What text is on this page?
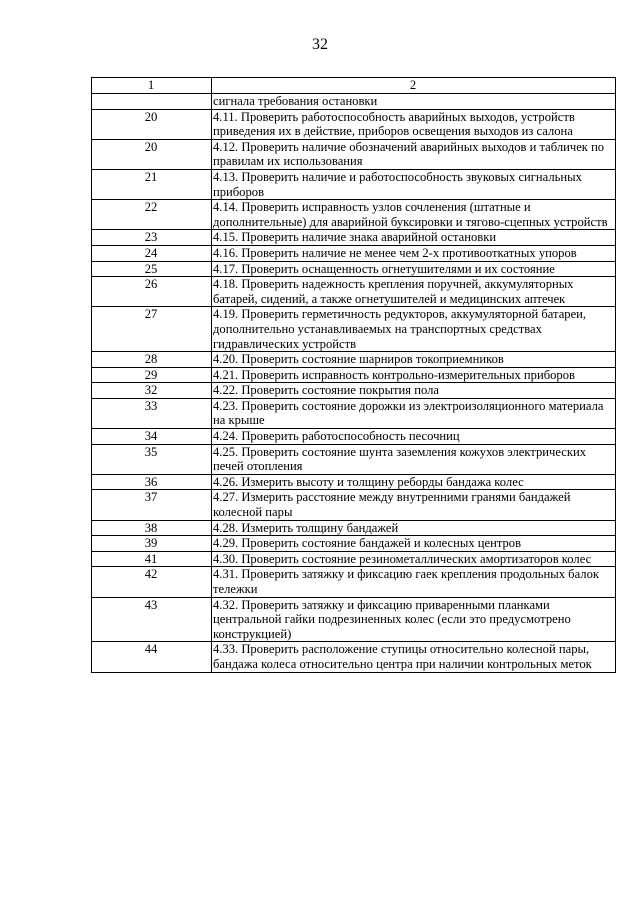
32
1	2
	сигнала требования остановки
20	4.11. Проверить работоспособность аварийных выходов, устройств приведения их в действие, приборов освещения выходов из салона
20	4.12. Проверить наличие обозначений аварийных выходов и табличек по правилам их использования
21	4.13. Проверить наличие и работоспособность звуковых сигнальных приборов
22	4.14. Проверить исправность узлов сочленения (штатные и дополнительные) для аварийной буксировки и тягово-сцепных устройств
23	4.15. Проверить наличие знака аварийной остановки
24	4.16. Проверить наличие не менее чем 2-х противооткатных упоров
25	4.17. Проверить оснащенность огнетушителями и их состояние
26	4.18. Проверить надежность крепления поручней, аккумуляторных батарей, сидений, а также огнетушителей и медицинских аптечек
27	4.19. Проверить герметичность редукторов, аккумуляторной батареи, дополнительно устанавливаемых на транспортных средствах гидравлических устройств
28	4.20. Проверить состояние шарниров токоприемников
29	4.21. Проверить исправность контрольно-измерительных приборов
32	4.22. Проверить состояние покрытия пола
33	4.23. Проверить состояние дорожки из электроизоляционного материала на крыше
34	4.24. Проверить работоспособность песочниц
35	4.25. Проверить состояние шунта заземления кожухов электрических печей отопления
36	4.26. Измерить высоту и толщину реборды бандажа колес
37	4.27. Измерить расстояние между внутренними гранями бандажей колесной пары
38	4.28. Измерить толщину бандажей
39	4.29. Проверить состояние бандажей и колесных центров
41	4.30. Проверить состояние резинометаллических амортизаторов колес
42	4.31. Проверить затяжку и фиксацию гаек крепления продольных балок тележки
43	4.32. Проверить затяжку и фиксацию приваренными планками центральной гайки подрезиненных колес (если это предусмотрено конструкцией)
44	4.33. Проверить расположение ступицы относительно колесной пары, бандажа колеса относительно центра при наличии контрольных меток
